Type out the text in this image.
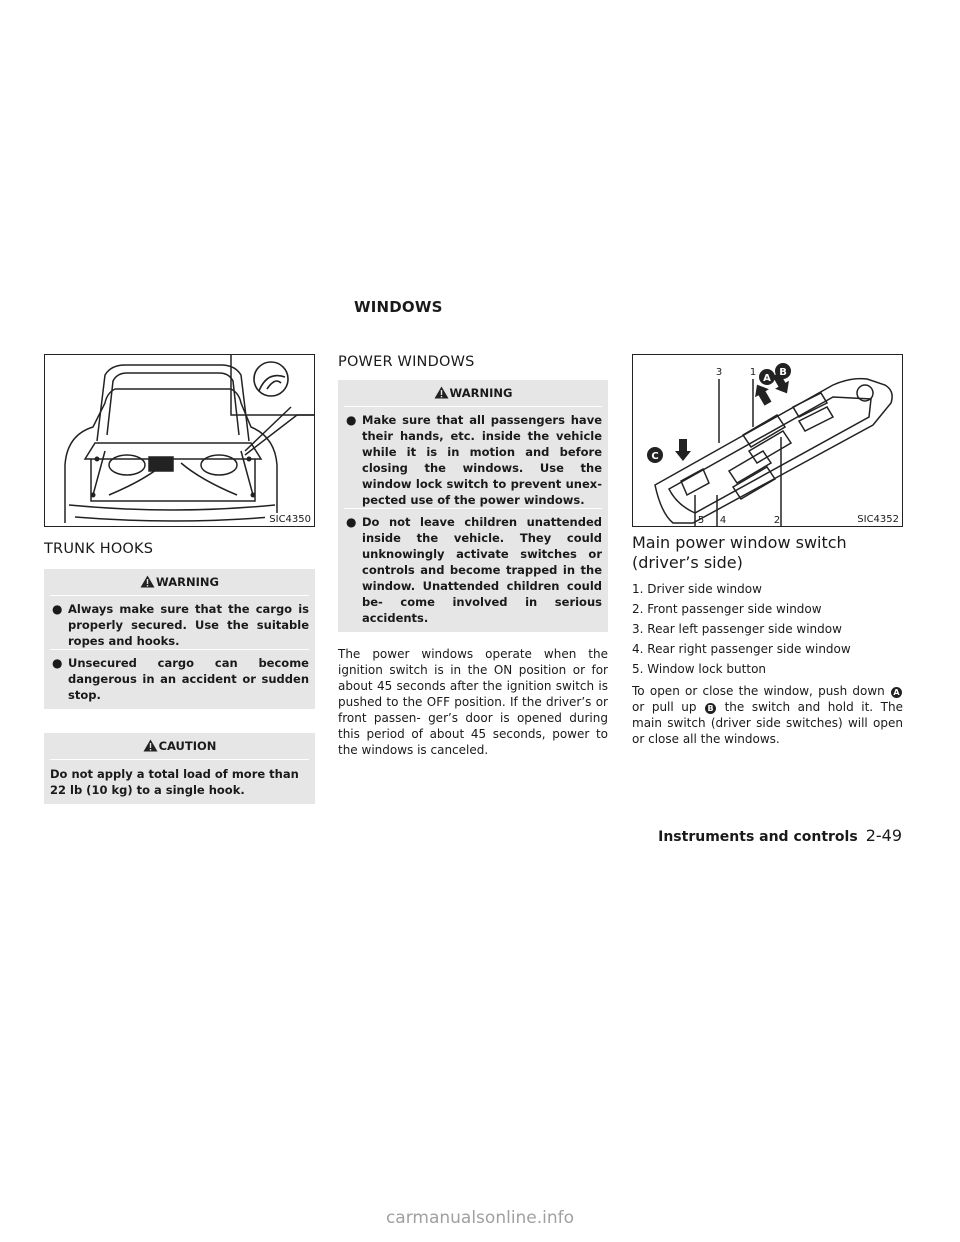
WINDOWS
SIC4350
TRUNK HOOKS
WARNING
● Always make sure that the cargo is properly secured. Use the suitable ropes and hooks.
● Unsecured cargo can become dangerous in an accident or sudden stop.
CAUTION
Do not apply a total load of more than 22 lb (10 kg) to a single hook.
POWER WINDOWS
WARNING
● Make sure that all passengers have their hands, etc. inside the vehicle while it is in motion and before closing the windows. Use the window lock switch to prevent unex- pected use of the power windows.
● Do not leave children unattended inside the vehicle. They could unknowingly activate switches or controls and become trapped in the window. Unattended children could be- come involved in serious accidents.

The power windows operate when the ignition switch is in the ON position or for about 45 seconds after the ignition switch is pushed to the OFF position. If the driver’s or front passen- ger’s door is opened during this period of about 45 seconds, power to the windows is canceled.

A
B
C
3	1
2
4
5	SIC4352
Main power window switch (driver’s side)

1. Driver side window

2. Front passenger side window

3. Rear left passenger side window

4. Rear right passenger side window

5. Window lock button

To open or close the window, push down A or pull up B the switch and hold it. The main switch (driver side switches) will open or close all the windows.

Instruments and controls 2-49
carmanualsonline.info
